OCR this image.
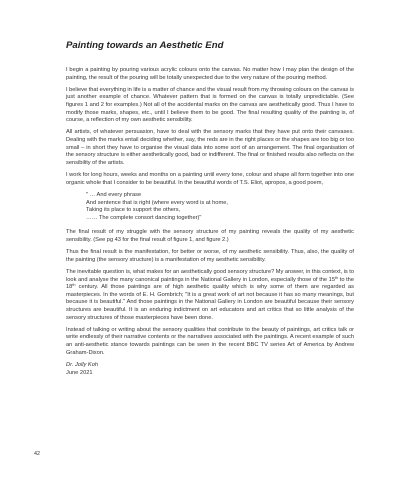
Painting towards an Aesthetic End

I begin a painting by pouring various acrylic colours onto the canvas. No matter how I may plan the design of the painting, the result of the pouring will be totally unexpected due to the very nature of the pouring method.

I believe that everything in life is a matter of chance and the visual result from my throwing colours on the canvas is just another example of chance. Whatever pattern that is formed on the canvas is totally unpredictable. (See figures 1 and 2 for examples.) Not all of the accidental marks on the canvas are aesthetically good. Thus I have to modify those marks, shapes, etc., until I believe them to be good. The final resulting quality of the painting is, of course, a reflection of my own aesthetic sensibility.

All artists, of whatever persuasion, have to deal with the sensory marks that they have put onto their canvases. Dealing with the marks entail deciding whether, say, the reds are in the right places or the shapes are too big or too small – in short they have to organise the visual data into some sort of an arrangement. The final organisation of the sensory structure is either aesthetically good, bad or indifferent. The final or finished results also reflects on the sensibility of the artists.

I work for long hours, weeks and months on a painting until every tone, colour and shape all form together into one organic whole that I consider to be beautiful. In the beautiful words of T.S. Eliot, apropos, a good poem,

" … And every phrase
And sentence that is right (where every word is at home,
Taking its place to support the others,
…… The complete consort dancing together)"

The final result of my struggle with the sensory structure of my painting reveals the quality of my aesthetic sensibility. (See pg 43 for the final result of figure 1, and figure 2.)

Thus the final result is the manifestation, for better or worse, of my aesthetic sensibility. Thus, also, the quality of the painting (the sensory structure) is a manifestation of my aesthetic sensibility.

The inevitable question is, what makes for an aesthetically good sensory structure? My answer, in this context, is to look and analyse the many canonical paintings in the National Gallery in London, especially those of the 15th to the 18th century. All those paintings are of high aesthetic quality which is why some of them are regarded as masterpieces. In the words of E. H. Gombrich; "It is a great work of art not because it has so many meanings, but because it is beautiful." And those paintings in the National Gallery in London are beautiful because their sensory structures are beautiful. It is an enduring indictment on art educators and art critics that so little analysis of the sensory structures of those masterpieces have been done.

Instead of talking or writing about the sensory qualities that contribute to the beauty of paintings, art critics talk or write endlessly of their narrative contents or the narratives associated with the paintings. A recent example of such an anti-aesthetic stance towards paintings can be seen in the recent BBC TV series Art of America by Andrew Graham-Dixon.

Dr. Jolly Koh
June 2021
42
